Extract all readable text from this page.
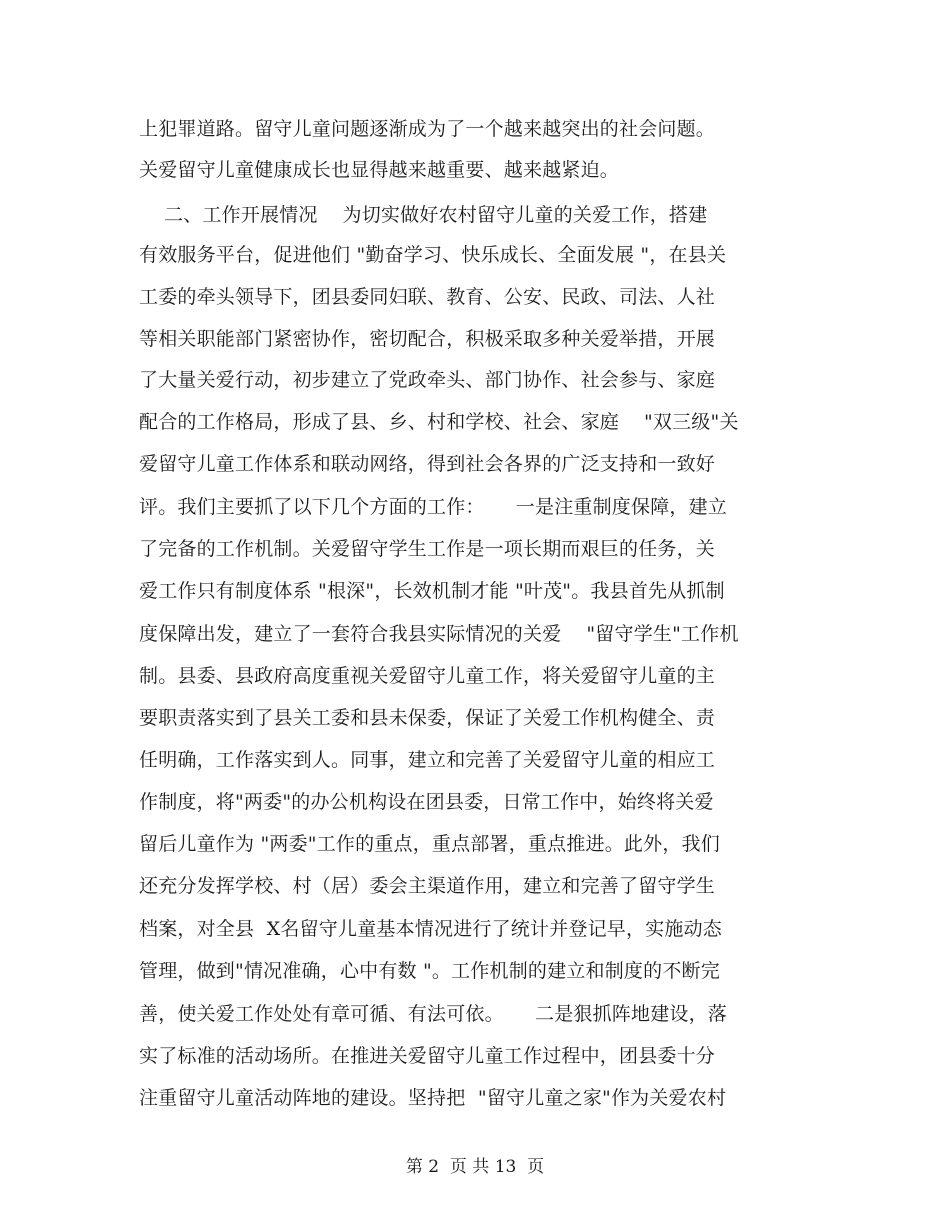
上犯罪道路。留守儿童问题逐渐成为了一个越来越突出的社会问题。
关爱留守儿童健康成长也显得越来越重要、越来越紧迫。
二、工作开展情况    为切实做好农村留守儿童的关爱工作，搭建
有效服务平台，促进他们 "勤奋学习、快乐成长、全面发展 "，在县关
工委的牵头领导下，团县委同妇联、教育、公安、民政、司法、人社
等相关职能部门紧密协作，密切配合，积极采取多种关爱举措，开展
了大量关爱行动，初步建立了党政牵头、部门协作、社会参与、家庭
配合的工作格局，形成了县、乡、村和学校、社会、家庭    "双三级"关
爱留守儿童工作体系和联动网络，得到社会各界的广泛支持和一致好
评。我们主要抓了以下几个方面的工作：     一是注重制度保障，建立
了完备的工作机制。关爱留守学生工作是一项长期而艰巨的任务，关
爱工作只有制度体系 "根深"，长效机制才能 "叶茂"。我县首先从抓制
度保障出发，建立了一套符合我县实际情况的关爱    "留守学生"工作机
制。县委、县政府高度重视关爱留守儿童工作，将关爱留守儿童的主
要职责落实到了县关工委和县未保委，保证了关爱工作机构健全、责
任明确，工作落实到人。同事，建立和完善了关爱留守儿童的相应工
作制度，将"两委"的办公机构设在团县委，日常工作中，始终将关爱
留后儿童作为 "两委"工作的重点，重点部署，重点推进。此外，我们
还充分发挥学校、村（居）委会主渠道作用，建立和完善了留守学生
档案，对全县  X名留守儿童基本情况进行了统计并登记早，实施动态
管理，做到"情况准确，心中有数 "。工作机制的建立和制度的不断完
善，使关爱工作处处有章可循、有法可依。     二是狠抓阵地建设，落
实了标准的活动场所。在推进关爱留守儿童工作过程中，团县委十分
注重留守儿童活动阵地的建设。坚持把  "留守儿童之家"作为关爱农村
第 2  页 共 13  页
